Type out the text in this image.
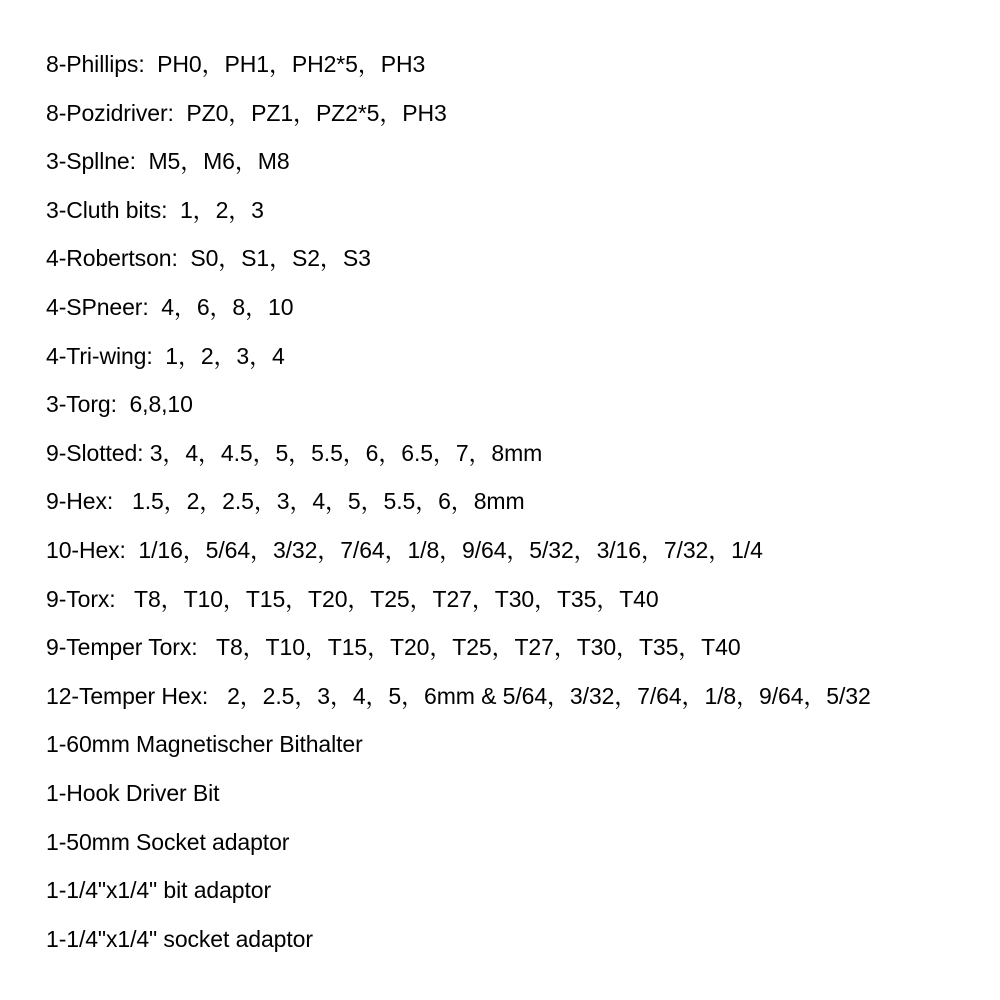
8-Phillips:  PH0，PH1，PH2*5，PH3
8-Pozidriver:  PZ0，PZ1，PZ2*5，PH3
3-Spllne:  M5，M6，M8
3-Cluth bits:  1，2，3
4-Robertson:  S0，S1，S2，S3
4-SPneer:  4，6，8，10
4-Tri-wing:  1，2，3，4
3-Torg:  6,8,10
9-Slotted: 3，4，4.5，5，5.5，6，6.5，7，8mm
9-Hex:   1.5，2，2.5，3，4，5，5.5，6，8mm
10-Hex:  1/16，5/64，3/32，7/64，1/8，9/64，5/32，3/16，7/32，1/4
9-Torx:   T8，T10，T15，T20，T25，T27，T30，T35，T40
9-Temper Torx:   T8，T10，T15，T20，T25，T27，T30，T35，T40
12-Temper Hex:   2，2.5，3，4，5，6mm & 5/64，3/32，7/64，1/8，9/64，5/32
1-60mm Magnetischer Bithalter
1-Hook Driver Bit
1-50mm Socket adaptor
1-1/4"x1/4" bit adaptor
1-1/4"x1/4" socket adaptor
